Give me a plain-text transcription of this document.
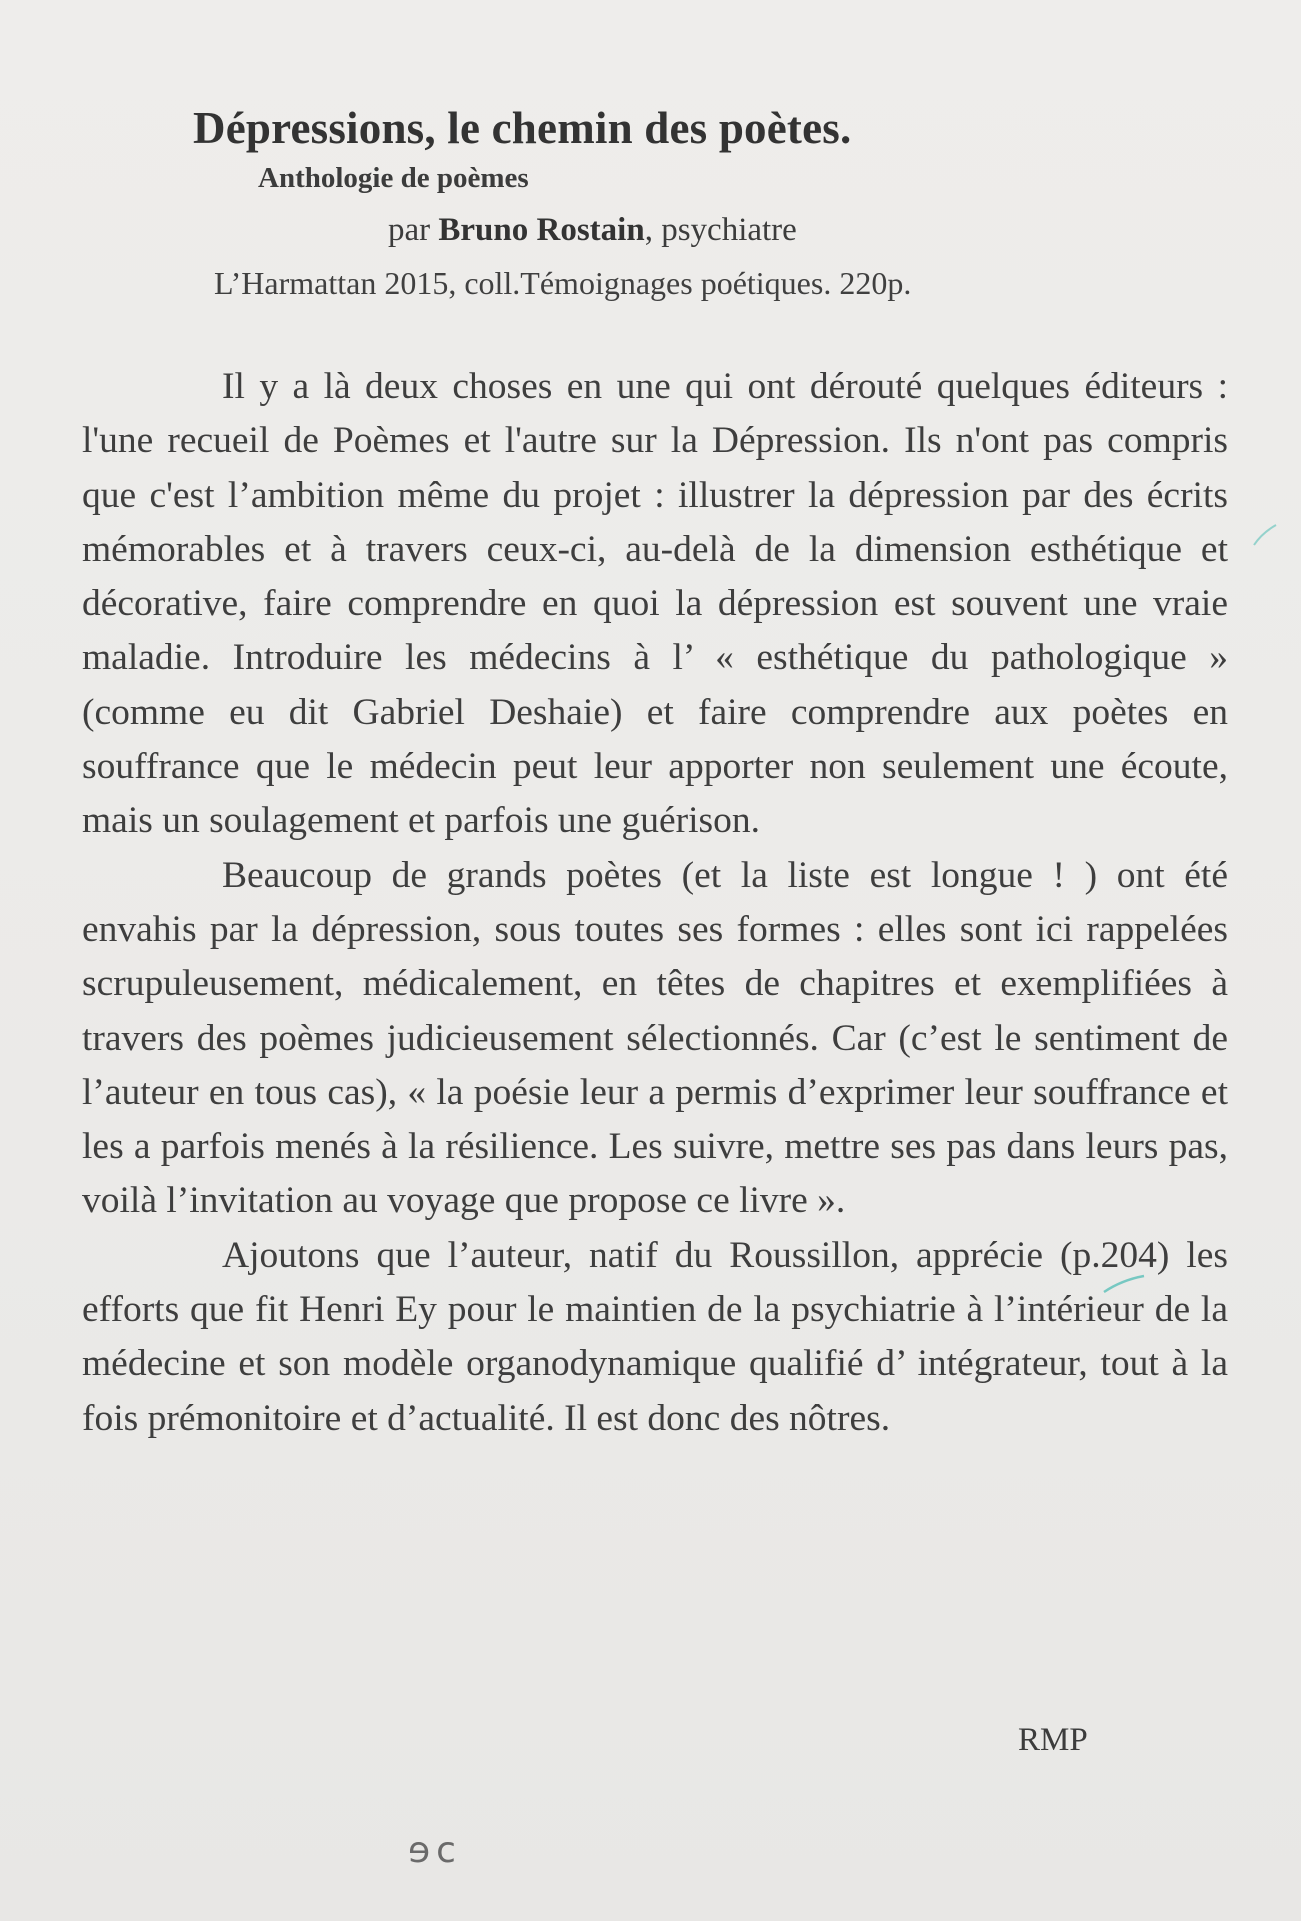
Dépressions, le chemin des poètes.
Anthologie de poèmes
par Bruno Rostain, psychiatre
L’Harmattan 2015, coll.Témoignages poétiques. 220p.

Il y a là deux choses en une qui ont dérouté quelques éditeurs : l'une recueil de Poèmes et l'autre sur la Dépression. Ils n'ont pas compris que c'est l’ambition même du projet : illustrer la dépression par des écrits mémorables et à travers ceux-ci, au-delà de la dimension esthétique et décorative, faire comprendre en quoi la dépression est souvent une vraie maladie. Introduire les médecins à l’ « esthétique du pathologique » (comme eu dit Gabriel Deshaie) et faire comprendre aux poètes en souffrance que le médecin peut leur apporter non seulement une écoute, mais un soulagement et parfois une guérison.

Beaucoup de grands poètes (et la liste est longue ! ) ont été envahis par la dépression, sous toutes ses formes : elles sont ici rappelées scrupuleusement, médicalement, en têtes de chapitres et exemplifiées à travers des poèmes judicieusement sélectionnés. Car (c’est le sentiment de l’auteur en tous cas), « la poésie leur a permis d’exprimer leur souffrance et les a parfois menés à la résilience. Les suivre, mettre ses pas dans leurs pas, voilà l’invitation au voyage que propose ce livre ».

Ajoutons que l’auteur, natif du Roussillon, apprécie (p.204) les efforts que fit Henri Ey pour le maintien de la psychiatrie à l’intérieur de la médecine et son modèle organodynamique qualifié d’ intégrateur, tout à la fois prémonitoire et d’actualité. Il est donc des nôtres.

RMP
ɘc
